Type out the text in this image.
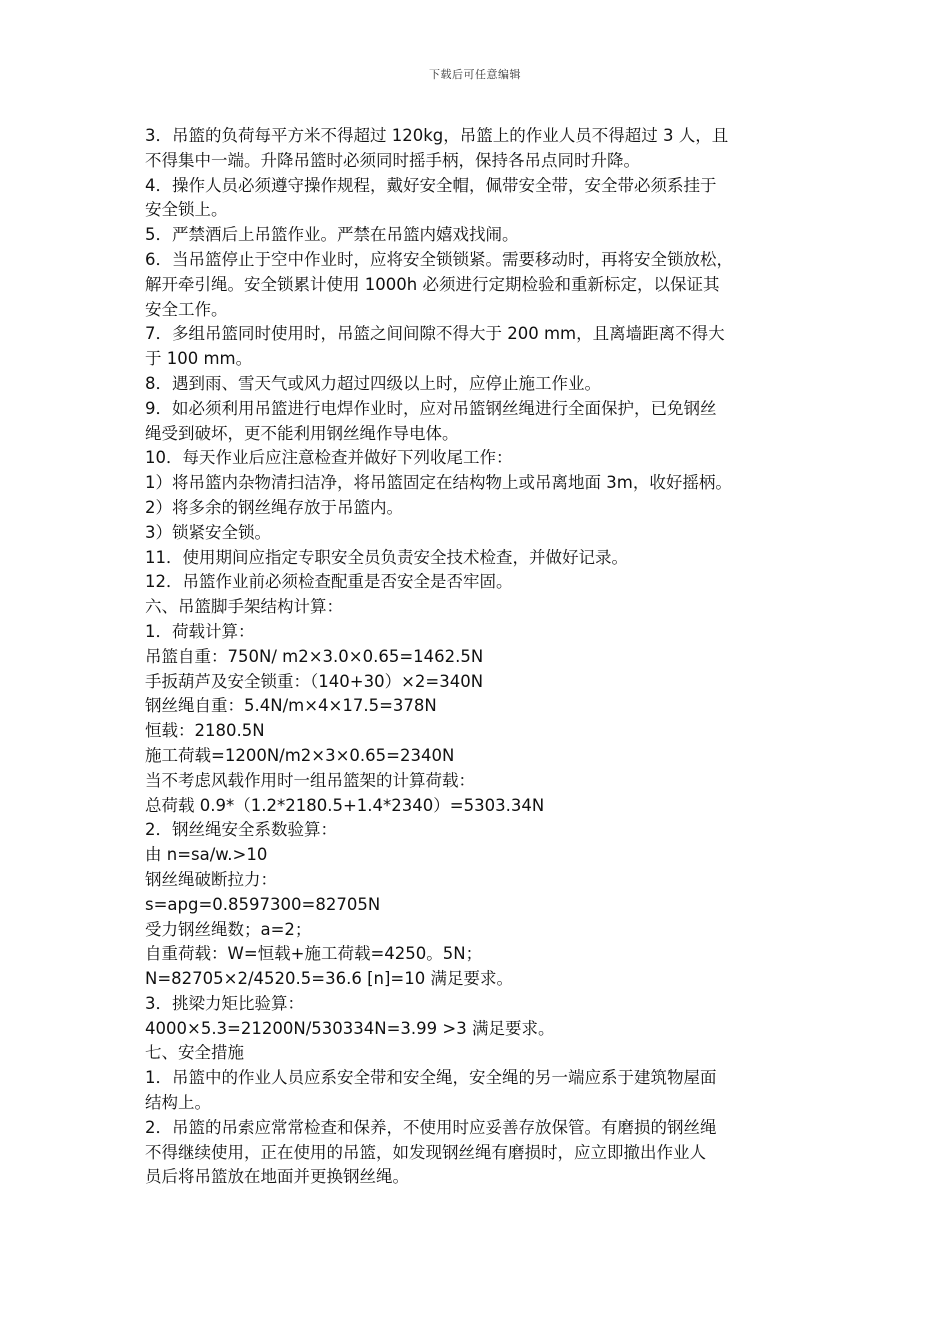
下载后可任意编辑
3．吊篮的负荷每平方米不得超过 120kg，吊篮上的作业人员不得超过 3 人，且
不得集中一端。升降吊篮时必须同时摇手柄，保持各吊点同时升降。
4．操作人员必须遵守操作规程，戴好安全帽，佩带安全带，安全带必须系挂于
安全锁上。
5．严禁酒后上吊篮作业。严禁在吊篮内嬉戏找闹。
6．当吊篮停止于空中作业时，应将安全锁锁紧。需要移动时，再将安全锁放松，
解开牵引绳。安全锁累计使用 1000h 必须进行定期检验和重新标定，以保证其
安全工作。
7．多组吊篮同时使用时，吊篮之间间隙不得大于 200 mm，且离墙距离不得大
于 100 mm。
8．遇到雨、雪天气或风力超过四级以上时，应停止施工作业。
9．如必须利用吊篮进行电焊作业时，应对吊篮钢丝绳进行全面保护，已免钢丝
绳受到破坏，更不能利用钢丝绳作导电体。
10．每天作业后应注意检查并做好下列收尾工作：
1）将吊篮内杂物清扫洁净，将吊篮固定在结构物上或吊离地面 3m，收好摇柄。
2）将多余的钢丝绳存放于吊篮内。
3）锁紧安全锁。
11．使用期间应指定专职安全员负责安全技术检查，并做好记录。
12．吊篮作业前必须检查配重是否安全是否牢固。
六、吊篮脚手架结构计算：
1．荷载计算：
吊篮自重：750N/ m2×3.0×0.65=1462.5N
手扳葫芦及安全锁重：（140+30）×2=340N
钢丝绳自重：5.4N/m×4×17.5=378N
恒载：2180.5N
施工荷载=1200N/m2×3×0.65=2340N
当不考虑风载作用时一组吊篮架的计算荷载：
总荷载 0.9*（1.2*2180.5+1.4*2340）=5303.34N
2．钢丝绳安全系数验算：
由 n=sa/w.>10
钢丝绳破断拉力：
s=apg=0.8597300=82705N
受力钢丝绳数；a=2；
自重荷载：W=恒载+施工荷载=4250。5N；
N=82705×2/4520.5=36.6 [n]=10 满足要求。
3．挑梁力矩比验算：
4000×5.3=21200N/530334N=3.99 >3 满足要求。
七、安全措施
1．吊篮中的作业人员应系安全带和安全绳，安全绳的另一端应系于建筑物屋面
结构上。
2．吊篮的吊索应常常检查和保养，不使用时应妥善存放保管。有磨损的钢丝绳
不得继续使用，正在使用的吊篮，如发现钢丝绳有磨损时，应立即撤出作业人
员后将吊篮放在地面并更换钢丝绳。
